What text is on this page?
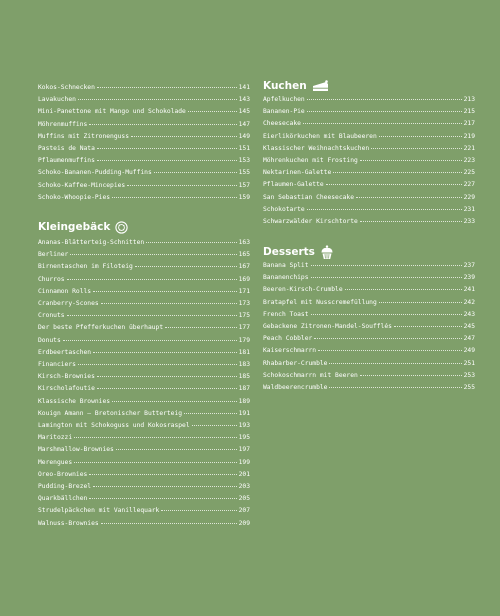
Kokos-Schnecken	141
Lavakuchen	143
Mini-Panettone mit Mango und Schokolade	145
Möhrenmuffins	147
Muffins mit Zitronenguss	149
Pasteis de Nata	151
Pflaumenmuffins	153
Schoko-Bananen-Pudding-Muffins	155
Schoko-Kaffee-Mincepies	157
Schoko-Whoopie-Pies	159
Kleingebäck
Ananas-Blätterteig-Schnitten	163
Berliner	165
Birnentaschen im Filoteig	167
Churros	169
Cinnamon Rolls	171
Cranberry-Scones	173
Cronuts	175
Der beste Pfefferkuchen überhaupt	177
Donuts	179
Erdbeertaschen	181
Financiers	183
Kirsch-Brownies	185
Kirscholafoutie	187
Klassische Brownies	189
Kouign Amann – Bretonischer Butterteig	191
Lamington mit Schokoguss und Kokosraspel	193
Maritozzi	195
Marshmallow-Brownies	197
Merengues	199
Oreo-Brownies	201
Pudding-Brezel	203
Quarkbällchen	205
Strudelpäckchen mit Vanillequark	207
Walnuss-Brownies	209
Kuchen
Apfelkuchen	213
Bananen-Pie	215
Cheesecake	217
Eierlikörkuchen mit Blaubeeren	219
Klassischer Weihnachtskuchen	221
Möhrenkuchen mit Frosting	223
Nektarinen-Galette	225
Pflaumen-Galette	227
San Sebastian Cheesecake	229
Schokotarte	231
Schwarzwälder Kirschtorte	233
Desserts
Banana Split	237
Bananenchips	239
Beeren-Kirsch-Crumble	241
Bratapfel mit Nusscremefüllung	242
French Toast	243
Gebackene Zitronen-Mandel-Soufflés	245
Peach Cobbler	247
Kaiserschmarrn	249
Rhabarber-Crumble	251
Schokoschmarrn mit Beeren	253
Waldbeerencrumble	255
